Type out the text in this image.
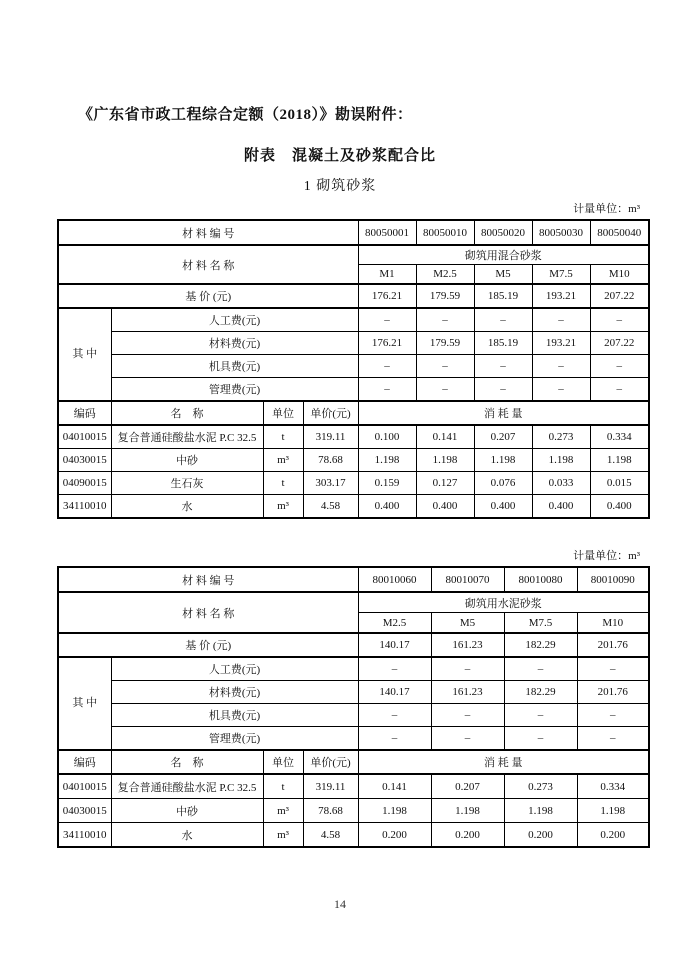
《广东省市政工程综合定额（2018）》勘误附件：
附表　混凝土及砂浆配合比
1 砌筑砂浆
计量单位：m³
材 料 编 号				80050001	80050010	80050020	80050030	80050040
材 料 名 称				砌筑用混合砂浆				
				M1	M2.5	M5	M7.5	M10
基 价 (元)				176.21	179.59	185.19	193.21	207.22
其 中	人工费(元)			–	–	–	–	–
	材料费(元)			176.21	179.59	185.19	193.21	207.22
	机具费(元)			–	–	–	–	–
	管理费(元)			–	–	–	–	–
编码	名　称	单位	单价(元)	消 耗 量				
04010015	复合普通硅酸盐水泥 P.C 32.5	t	319.11	0.100	0.141	0.207	0.273	0.334
04030015	中砂	m³	78.68	1.198	1.198	1.198	1.198	1.198
04090015	生石灰	t	303.17	0.159	0.127	0.076	0.033	0.015
34110010	水	m³	4.58	0.400	0.400	0.400	0.400	0.400
计量单位：m³
材 料 编 号				80010060	80010070	80010080	80010090
材 料 名 称				砌筑用水泥砂浆			
				M2.5	M5	M7.5	M10
基 价 (元)				140.17	161.23	182.29	201.76
其 中	人工费(元)			–	–	–	–
	材料费(元)			140.17	161.23	182.29	201.76
	机具费(元)			–	–	–	–
	管理费(元)			–	–	–	–
编码	名　称	单位	单价(元)	消 耗 量			
04010015	复合普通硅酸盐水泥 P.C 32.5	t	319.11	0.141	0.207	0.273	0.334
04030015	中砂	m³	78.68	1.198	1.198	1.198	1.198
34110010	水	m³	4.58	0.200	0.200	0.200	0.200
14
